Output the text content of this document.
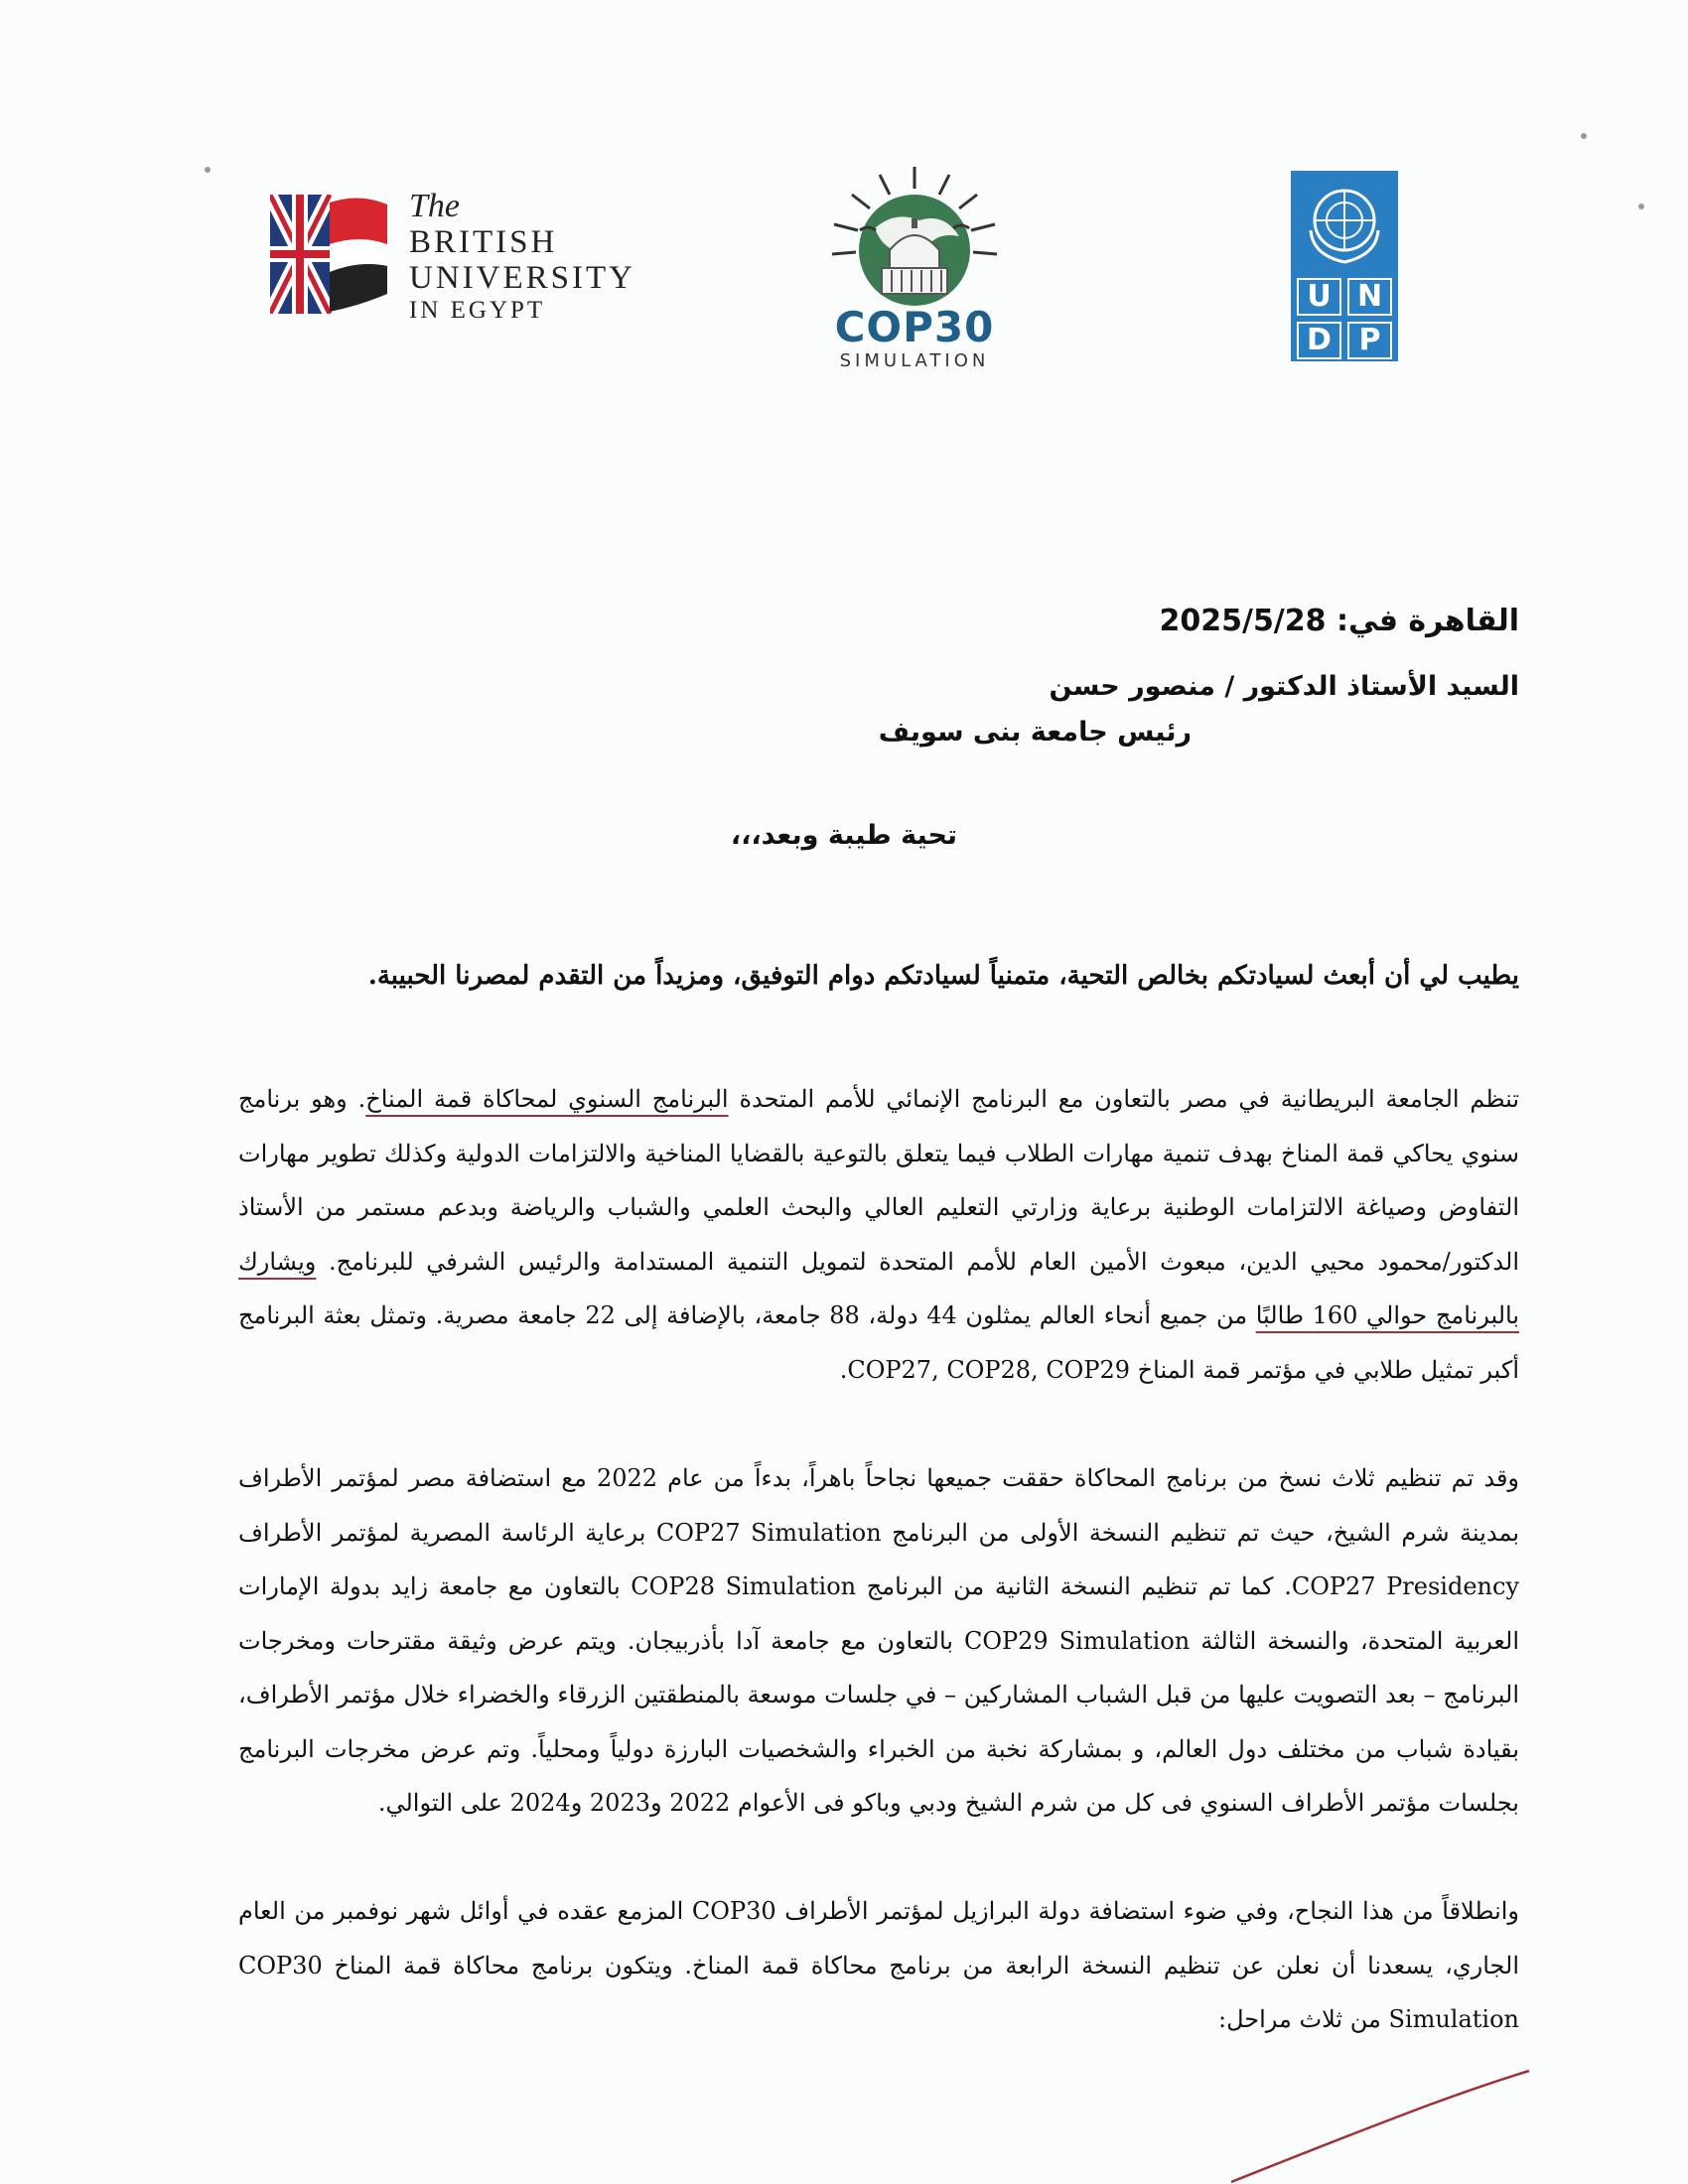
The
BRITISH
UNIVERSITY
IN EGYPT	COP30
SIMULATION
U N
D P
القاهرة في: 2025/5/28
السيد الأستاذ الدكتور / منصور حسن
رئيس جامعة بنى سويف
تحية طيبة وبعد،،،
يطيب لي أن أبعث لسيادتكم بخالص التحية، متمنياً لسيادتكم دوام التوفيق، ومزيداً من التقدم لمصرنا الحبيبة.

تنظم الجامعة البريطانية في مصر بالتعاون مع البرنامج الإنمائي للأمم المتحدة البرنامج السنوي لمحاكاة قمة المناخ. وهو برنامج سنوي يحاكي قمة المناخ بهدف تنمية مهارات الطلاب فيما يتعلق بالتوعية بالقضايا المناخية والالتزامات الدولية وكذلك تطوير مهارات التفاوض وصياغة الالتزامات الوطنية برعاية وزارتي التعليم العالي والبحث العلمي والشباب والرياضة وبدعم مستمر من الأستاذ الدكتور/محمود محيي الدين، مبعوث الأمين العام للأمم المتحدة لتمويل التنمية المستدامة والرئيس الشرفي للبرنامج. ويشارك بالبرنامج حوالي 160 طالبًا من جميع أنحاء العالم يمثلون 44 دولة، 88 جامعة، بالإضافة إلى 22 جامعة مصرية. وتمثل بعثة البرنامج أكبر تمثيل طلابي في مؤتمر قمة المناخ COP27, COP28, COP29.

وقد تم تنظيم ثلاث نسخ من برنامج المحاكاة حققت جميعها نجاحاً باهراً، بدءاً من عام 2022 مع استضافة مصر لمؤتمر الأطراف بمدينة شرم الشيخ، حيث تم تنظيم النسخة الأولى من البرنامج COP27 Simulation برعاية الرئاسة المصرية لمؤتمر الأطراف COP27 Presidency. كما تم تنظيم النسخة الثانية من البرنامج COP28 Simulation بالتعاون مع جامعة زايد بدولة الإمارات العربية المتحدة، والنسخة الثالثة COP29 Simulation بالتعاون مع جامعة آدا بأذربيجان. ويتم عرض وثيقة مقترحات ومخرجات البرنامج – بعد التصويت عليها من قبل الشباب المشاركين – في جلسات موسعة بالمنطقتين الزرقاء والخضراء خلال مؤتمر الأطراف، بقيادة شباب من مختلف دول العالم، و بمشاركة نخبة من الخبراء والشخصيات البارزة دولياً ومحلياً. وتم عرض مخرجات البرنامج بجلسات مؤتمر الأطراف السنوي فى كل من شرم الشيخ ودبي وباكو فى الأعوام 2022 و2023 و2024 على التوالي.

وانطلاقاً من هذا النجاح، وفي ضوء استضافة دولة البرازيل لمؤتمر الأطراف COP30 المزمع عقده في أوائل شهر نوفمبر من العام الجاري، يسعدنا أن نعلن عن تنظيم النسخة الرابعة من برنامج محاكاة قمة المناخ. ويتكون برنامج محاكاة قمة المناخ COP30 Simulation من ثلاث مراحل:
